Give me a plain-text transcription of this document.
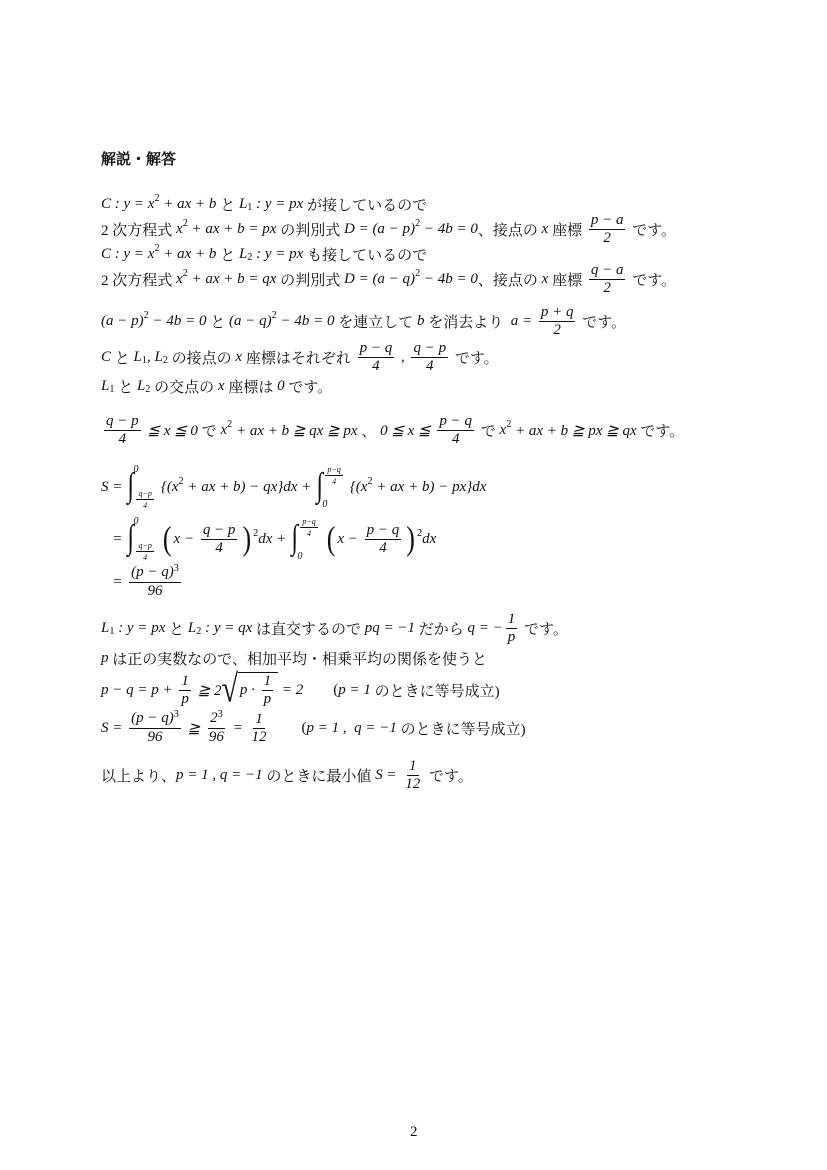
解説・解答
C : y = x 2 + ax + b と L 1 : y = px が接しているので
2 次方程式 x 2 + ax + b = px の判別式 D = (a − p) 2 − 4b = 0 、接点の x 座標 $\frac{p - a}{2}$ です。
C : y = x 2 + ax + b と L 2 : y = px も接しているので
2 次方程式 x 2 + ax + b = qx の判別式 D = (a − q) 2 − 4b = 0 、接点の x 座標 $\frac{q - a}{2}$ です。
(a − p) 2 − 4b = 0 と (a − q) 2 − 4b = 0 を連立して b を消去より $a = \frac{p + q}{2}$ です。
C と L 1 , L 2 の接点の x 座標はそれぞれ $\frac{p - q}{4}$ , $\frac{q - p}{4}$ です。
L 1 と L 2 の交点の x 座標は 0 です。
$\frac{q - p}{4}$ ≦ x ≦ 0 で x 2 + ax + b ≧ qx ≧ px 、 0 ≦ x ≦ $\frac{p - q}{4}$ で x 2 + ax + b ≧ px ≧ qx です。
S = ∫ 0
$\frac{q-p}{4}$
{(x 2 + ax + b) − qx}dx + ∫ $\frac{p-q}{4}$
0
{(x 2 + ax + b) − px}dx
= ∫ 0
$\frac{q-p}{4}$ ( $x - \frac{q - p}{4}$ ) 2 dx + ∫ $\frac{p-q}{4}$
0 ( $x - \frac{p - q}{4}$ ) 2 dx
= $\frac{(p - q)^3}{96}$
L 1 : y = px と L 2 : y = qx は直交するので pq = −1 だから q = − $\frac{1}{p}$ です。
p は正の実数なので、相加平均・相乗平均の関係を使うと
$p - q = p + \frac{1}{p}$ ≧ 2 √ $p \cdot \frac{1}{p} = 2$ ( p = 1 のときに等号成立)
$S = \frac{(p - q)^3}{96}$ ≧ $\frac{2^3}{96} = \frac{1}{12}$ ( p = 1 , q = −1 のときに等号成立)
以上より、 p = 1 , q = −1 のときに最小値 $S = \frac{1}{12}$ です。
2
